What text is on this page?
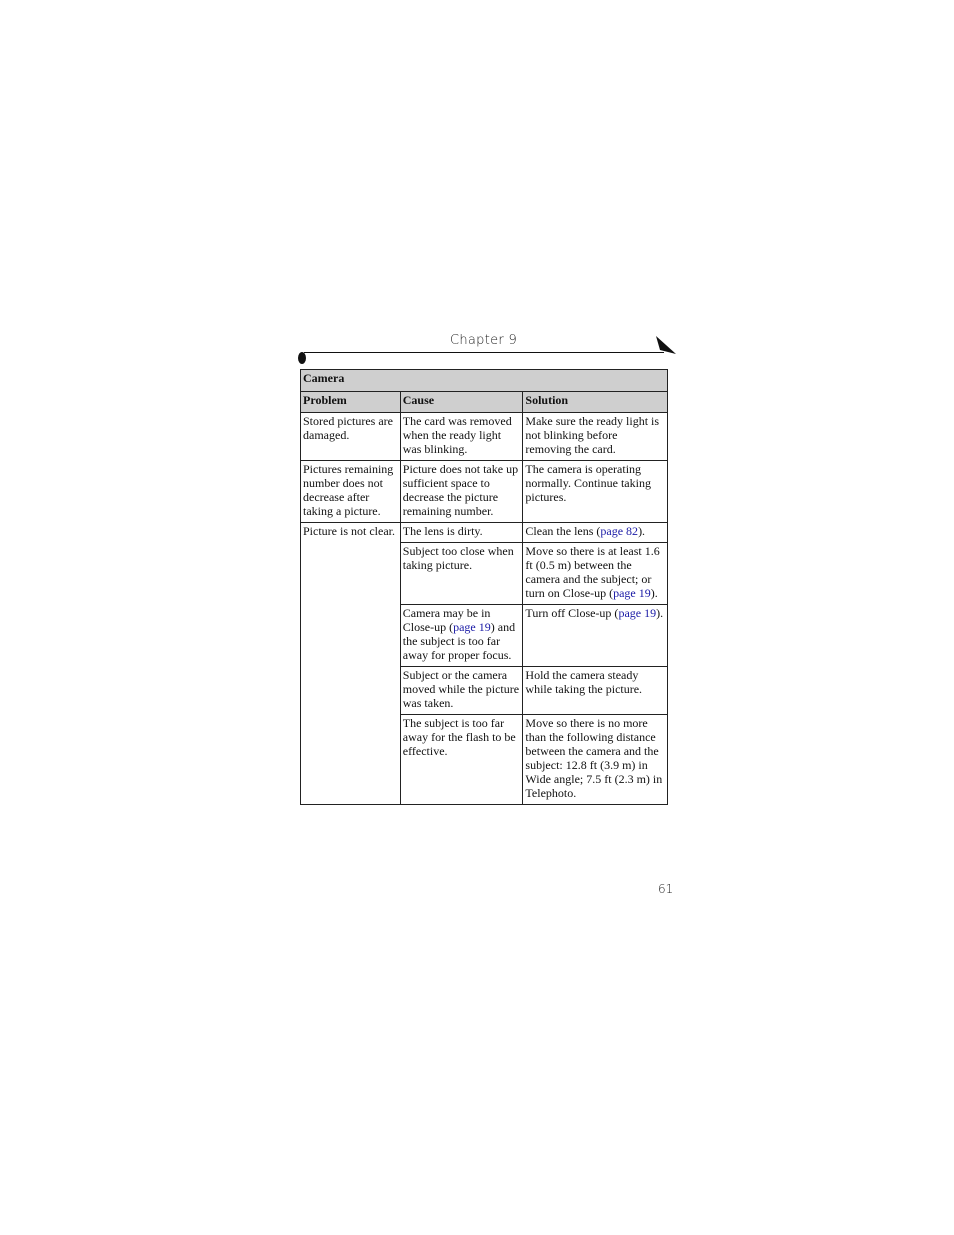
Chapter 9
Camera		
Problem	Cause	Solution
Stored pictures are damaged.	The card was removed when the ready light was blinking.	Make sure the ready light is not blinking before removing the card.
Pictures remaining number does not decrease after taking a picture.	Picture does not take up sufficient space to decrease the picture remaining number.	The camera is operating normally. Continue taking pictures.
Picture is not clear.	The lens is dirty.	Clean the lens (page 82).
	Subject too close when taking picture.	Move so there is at least 1.6 ft (0.5 m) between the camera and the subject; or turn on Close-up (page 19).
	Camera may be in Close-up (page 19) and the subject is too far away for proper focus.	Turn off Close-up (page 19).
	Subject or the camera moved while the picture was taken.	Hold the camera steady while taking the picture.
	The subject is too far away for the flash to be effective.	Move so there is no more than the following distance between the camera and the subject: 12.8 ft (3.9 m) in Wide angle; 7.5 ft (2.3 m) in Telephoto.
61
